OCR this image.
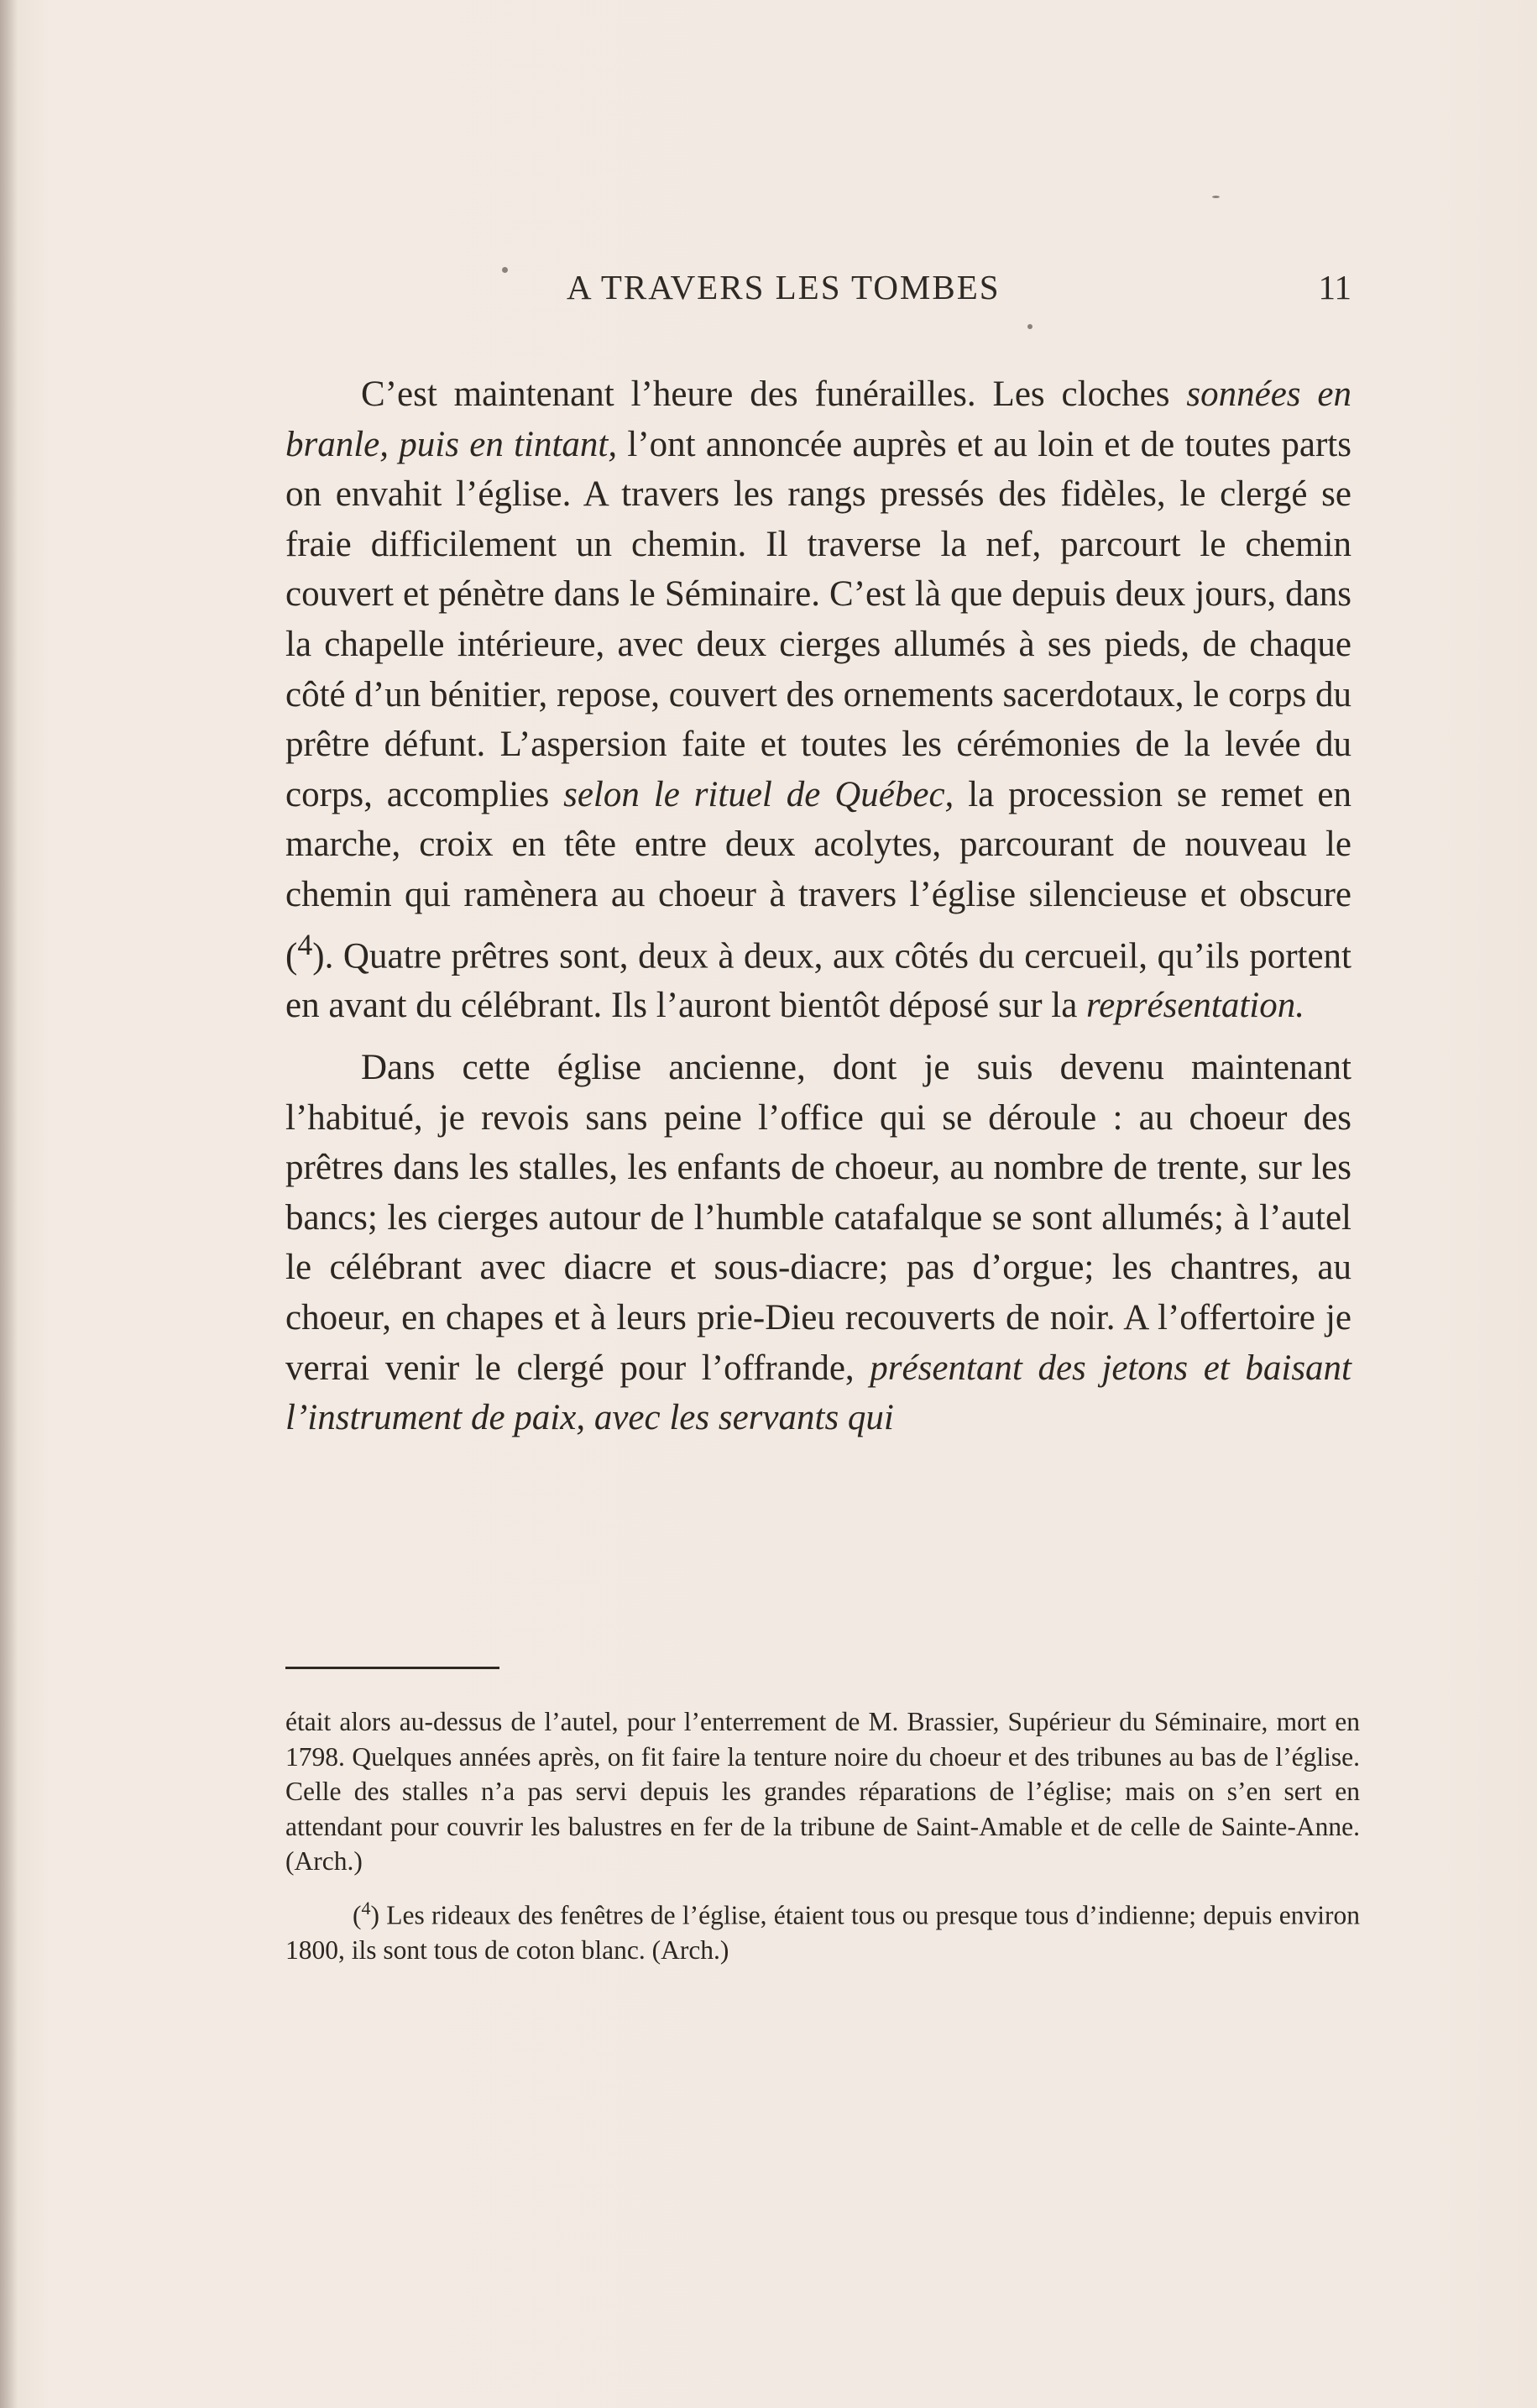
A TRAVERS LES TOMBES	11

C’est maintenant l’heure des funérailles. Les cloches sonnées en branle, puis en tintant, l’ont annoncée auprès et au loin et de toutes parts on envahit l’église. A travers les rangs pressés des fidèles, le clergé se fraie difficilement un chemin. Il traverse la nef, parcourt le chemin couvert et pénètre dans le Séminaire. C’est là que depuis deux jours, dans la chapelle intérieure, avec deux cierges allumés à ses pieds, de chaque côté d’un bénitier, repose, couvert des ornements sacerdotaux, le corps du prêtre défunt. L’aspersion faite et toutes les cérémonies de la levée du corps, accomplies selon le rituel de Québec, la procession se remet en marche, croix en tête entre deux acolytes, parcourant de nouveau le chemin qui ramènera au choeur à travers l’église silencieuse et obscure ($^4$). Quatre prêtres sont, deux à deux, aux côtés du cercueil, qu’ils portent en avant du célébrant. Ils l’auront bientôt déposé sur la représentation.

Dans cette église ancienne, dont je suis devenu maintenant l’habitué, je revois sans peine l’office qui se déroule : au choeur des prêtres dans les stalles, les enfants de choeur, au nombre de trente, sur les bancs; les cierges autour de l’humble catafalque se sont allumés; à l’autel le célébrant avec diacre et sous-diacre; pas d’orgue; les chantres, au choeur, en chapes et à leurs prie-Dieu recouverts de noir. A l’offertoire je verrai venir le clergé pour l’offrande, présentant des jetons et baisant l’instrument de paix, avec les servants qui

était alors au-dessus de l’autel, pour l’enterrement de M. Brassier, Supérieur du Séminaire, mort en 1798. Quelques années après, on fit faire la tenture noire du choeur et des tribunes au bas de l’église. Celle des stalles n’a pas servi depuis les grandes réparations de l’église; mais on s’en sert en attendant pour couvrir les balustres en fer de la tribune de Saint-Amable et de celle de Sainte-Anne. (Arch.)

($^4$) Les rideaux des fenêtres de l’église, étaient tous ou presque tous d’indienne; depuis environ 1800, ils sont tous de coton blanc. (Arch.)
